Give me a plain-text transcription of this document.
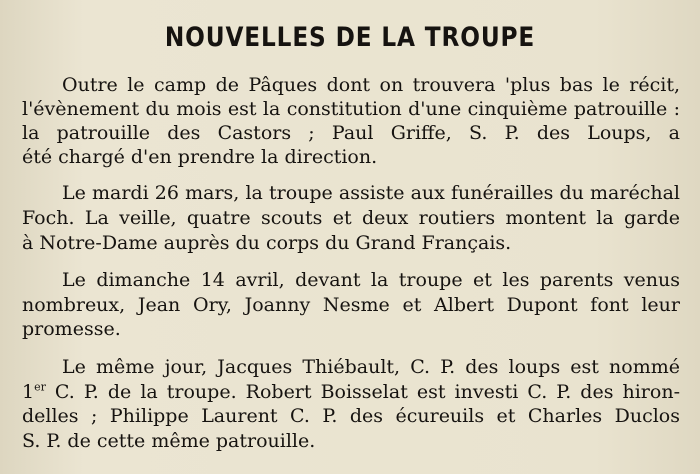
NOUVELLES DE LA TROUPE
Outre le camp de Pâques dont on trouvera 'plus bas le récit,
l'évènement du mois est la constitution d'une cinquième patrouille :
la patrouille des Castors ; Paul Griffe, S. P. des Loups, a
été chargé d'en prendre la direction.
Le mardi 26 mars, la troupe assiste aux funérailles du maréchal
Foch. La veille, quatre scouts et deux routiers montent la garde
à Notre-Dame auprès du corps du Grand Français.
Le dimanche 14 avril, devant la troupe et les parents venus
nombreux, Jean Ory, Joanny Nesme et Albert Dupont font leur
promesse.
Le même jour, Jacques Thiébault, C. P. des loups est nommé
1er C. P. de la troupe. Robert Boisselat est investi C. P. des hiron-
delles ; Philippe Laurent C. P. des écureuils et Charles Duclos
S. P. de cette même patrouille.
